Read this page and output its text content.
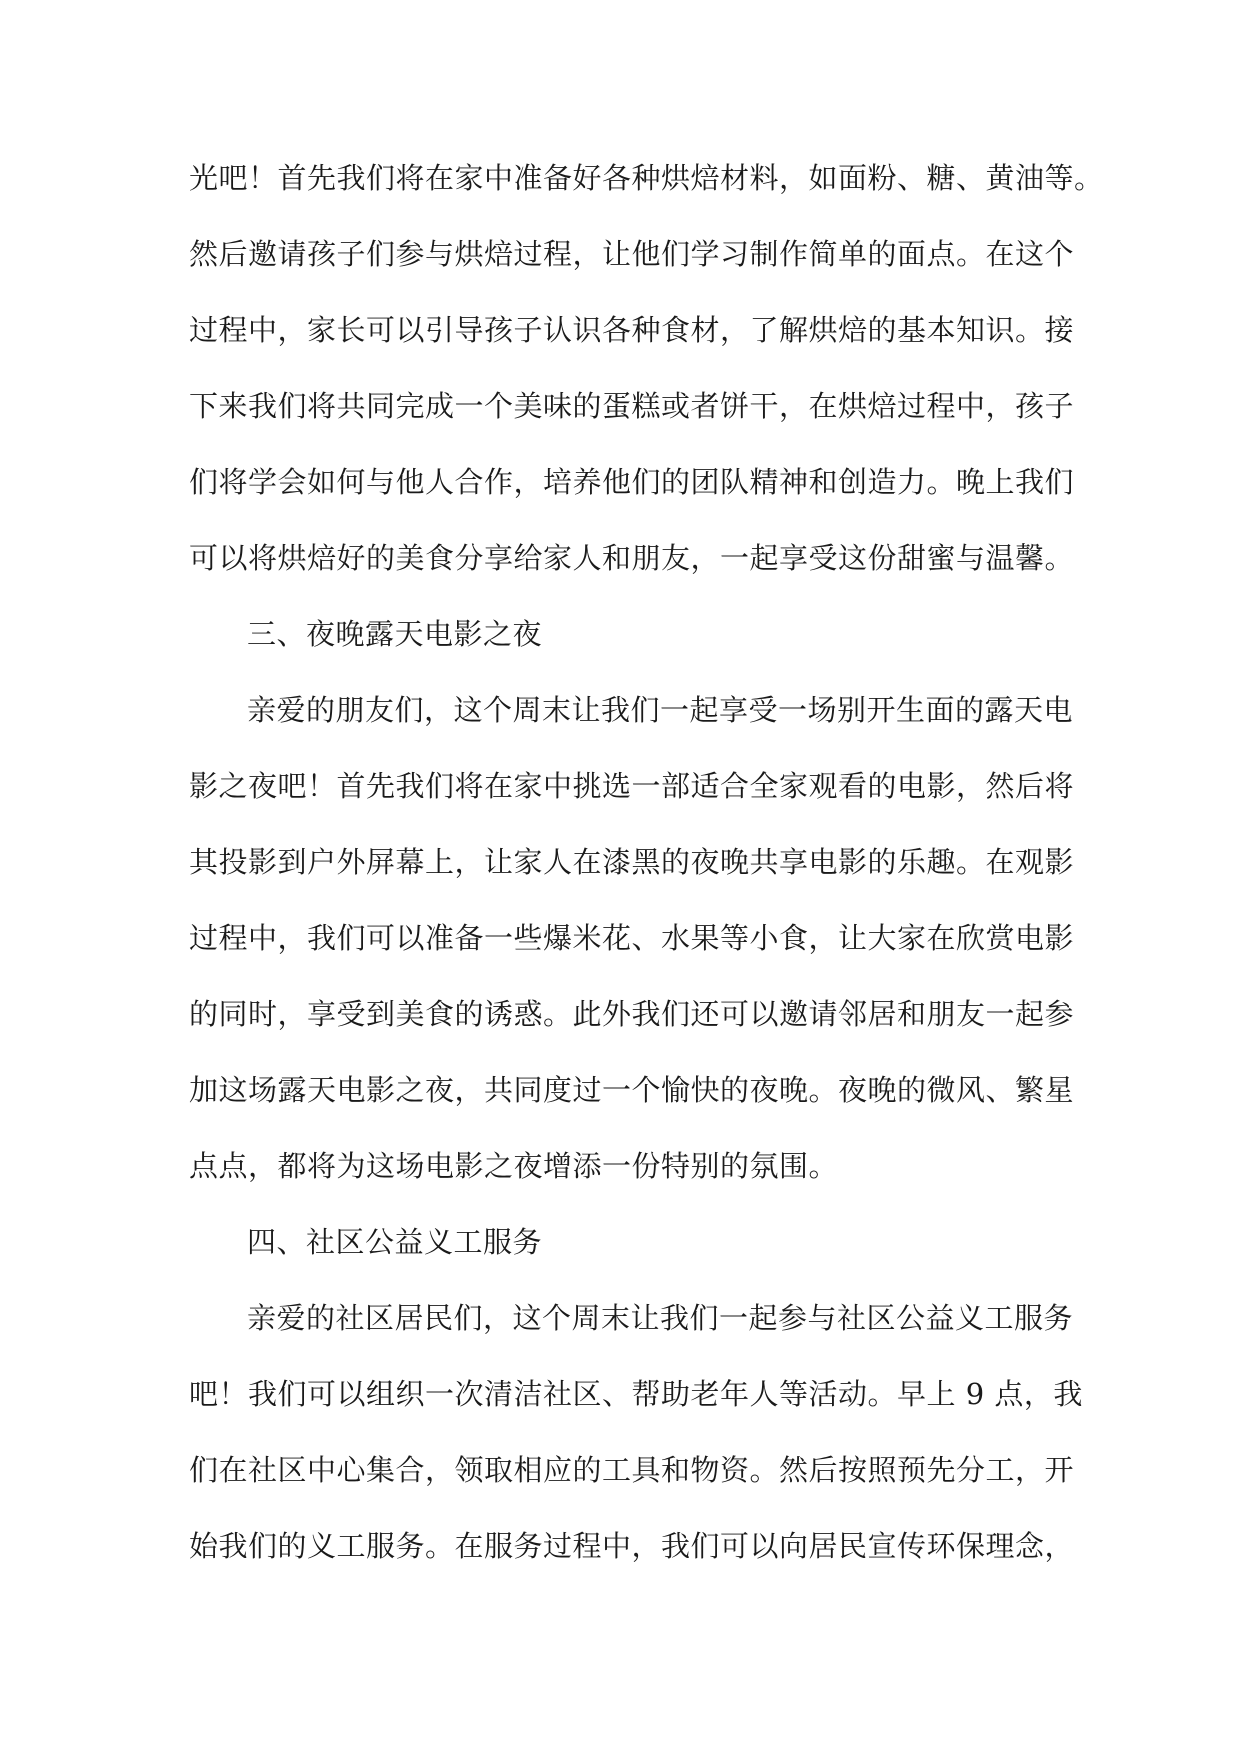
光吧！首先我们将在家中准备好各种烘焙材料，如面粉、糖、黄油等。
然后邀请孩子们参与烘焙过程，让他们学习制作简单的面点。在这个
过程中，家长可以引导孩子认识各种食材，了解烘焙的基本知识。接
下来我们将共同完成一个美味的蛋糕或者饼干，在烘焙过程中，孩子
们将学会如何与他人合作，培养他们的团队精神和创造力。晚上我们
可以将烘焙好的美食分享给家人和朋友，一起享受这份甜蜜与温馨。
三、夜晚露天电影之夜
亲爱的朋友们，这个周末让我们一起享受一场别开生面的露天电
影之夜吧！首先我们将在家中挑选一部适合全家观看的电影，然后将
其投影到户外屏幕上，让家人在漆黑的夜晚共享电影的乐趣。在观影
过程中，我们可以准备一些爆米花、水果等小食，让大家在欣赏电影
的同时，享受到美食的诱惑。此外我们还可以邀请邻居和朋友一起参
加这场露天电影之夜，共同度过一个愉快的夜晚。夜晚的微风、繁星
点点，都将为这场电影之夜增添一份特别的氛围。
四、社区公益义工服务
亲爱的社区居民们，这个周末让我们一起参与社区公益义工服务
吧！我们可以组织一次清洁社区、帮助老年人等活动。早上 9 点，我
们在社区中心集合，领取相应的工具和物资。然后按照预先分工，开
始我们的义工服务。在服务过程中，我们可以向居民宣传环保理念，
